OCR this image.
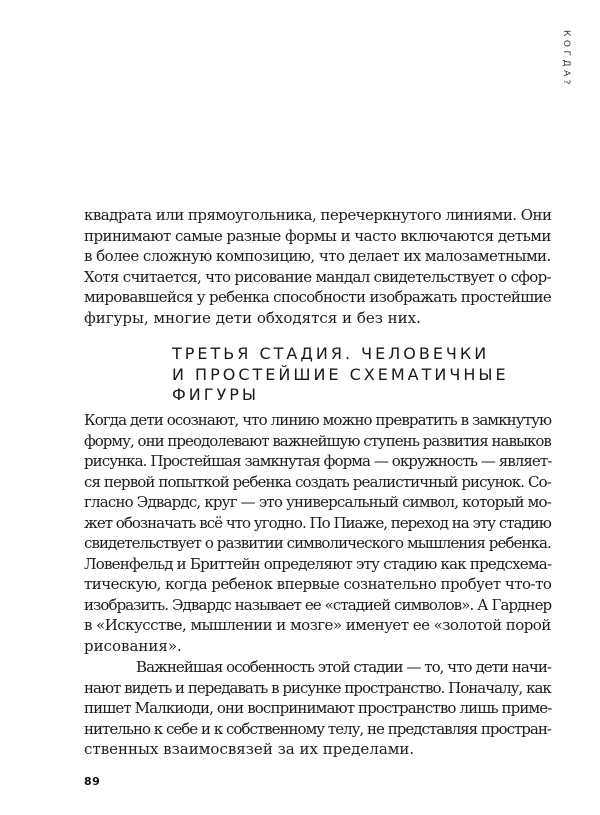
КОГДА?
квадрата или прямоугольника, перечеркнутого линиями. Они
принимают самые разные формы и часто включаются детьми
в более сложную композицию, что делает их малозаметными.
Хотя считается, что рисование мандал свидетельствует о сфор-
мировавшейся у ребенка способности изображать простейшие
фигуры, многие дети обходятся и без них.
ТРЕТЬЯ СТАДИЯ. ЧЕЛОВЕЧКИ
И ПРОСТЕЙШИЕ СХЕМАТИЧНЫЕ
ФИГУРЫ
Когда дети осознают, что линию можно превратить в замкнутую
форму, они преодолевают важнейшую ступень развития навыков
рисунка. Простейшая замкнутая форма — окружность — являет-
ся первой попыткой ребенка создать реалистичный рисунок. Со-
гласно Эдвардс, круг — это универсальный символ, который мо-
жет обозначать всё что угодно. По Пиаже, переход на эту стадию
свидетельствует о развитии символического мышления ребенка.
Ловенфельд и Бриттейн определяют эту стадию как предсхема-
тическую, когда ребенок впервые сознательно пробует что-то
изобразить. Эдвардс называет ее «стадией символов». А Гарднер
в «Искусстве, мышлении и мозге» именует ее «золотой порой
рисования».
Важнейшая особенность этой стадии — то, что дети начи-
нают видеть и передавать в рисунке пространство. Поначалу, как
пишет Малкиоди, они воспринимают пространство лишь приме-
нительно к себе и к собственному телу, не представляя простран-
ственных взаимосвязей за их пределами.
89
